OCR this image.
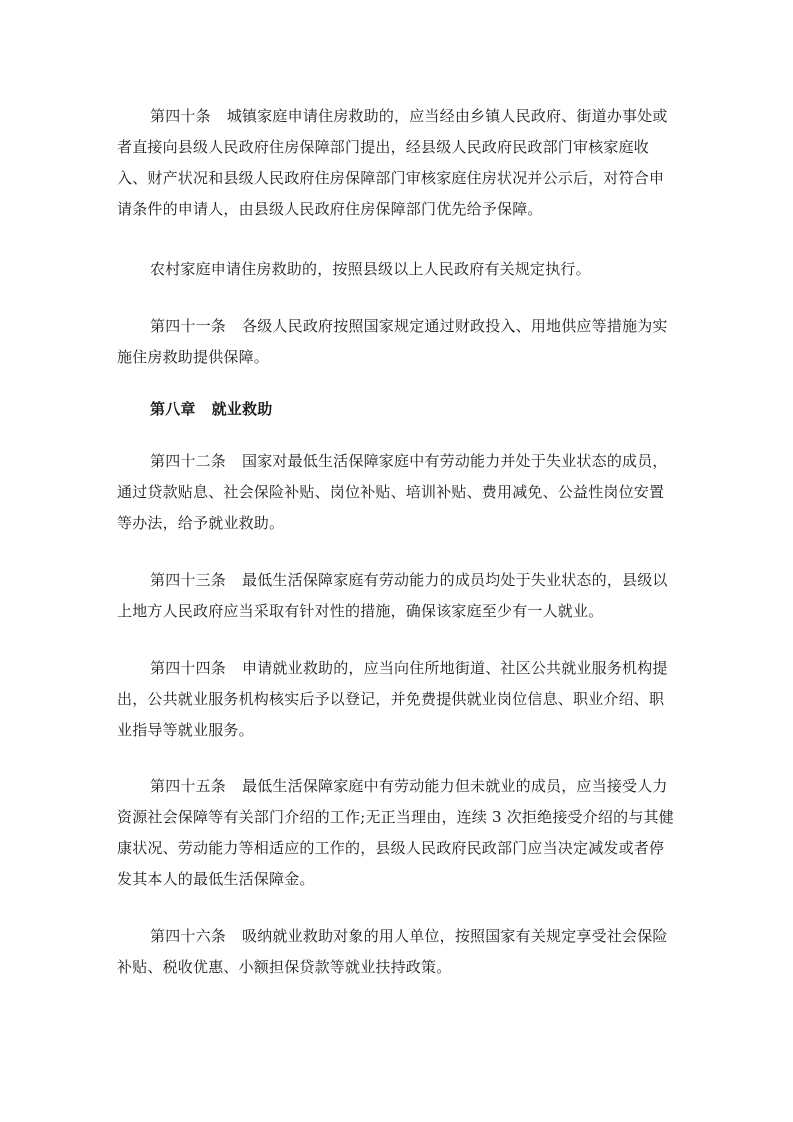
第四十条 城镇家庭申请住房救助的，应当经由乡镇人民政府、街道办事处或者直接向县级人民政府住房保障部门提出，经县级人民政府民政部门审核家庭收入、财产状况和县级人民政府住房保障部门审核家庭住房状况并公示后，对符合申请条件的申请人，由县级人民政府住房保障部门优先给予保障。

农村家庭申请住房救助的，按照县级以上人民政府有关规定执行。

第四十一条 各级人民政府按照国家规定通过财政投入、用地供应等措施为实施住房救助提供保障。

第八章 就业救助

第四十二条 国家对最低生活保障家庭中有劳动能力并处于失业状态的成员，通过贷款贴息、社会保险补贴、岗位补贴、培训补贴、费用减免、公益性岗位安置等办法，给予就业救助。

第四十三条 最低生活保障家庭有劳动能力的成员均处于失业状态的，县级以上地方人民政府应当采取有针对性的措施，确保该家庭至少有一人就业。

第四十四条 申请就业救助的，应当向住所地街道、社区公共就业服务机构提出，公共就业服务机构核实后予以登记，并免费提供就业岗位信息、职业介绍、职业指导等就业服务。

第四十五条 最低生活保障家庭中有劳动能力但未就业的成员，应当接受人力资源社会保障等有关部门介绍的工作;无正当理由，连续 3 次拒绝接受介绍的与其健康状况、劳动能力等相适应的工作的，县级人民政府民政部门应当决定减发或者停发其本人的最低生活保障金。

第四十六条 吸纳就业救助对象的用人单位，按照国家有关规定享受社会保险补贴、税收优惠、小额担保贷款等就业扶持政策。
